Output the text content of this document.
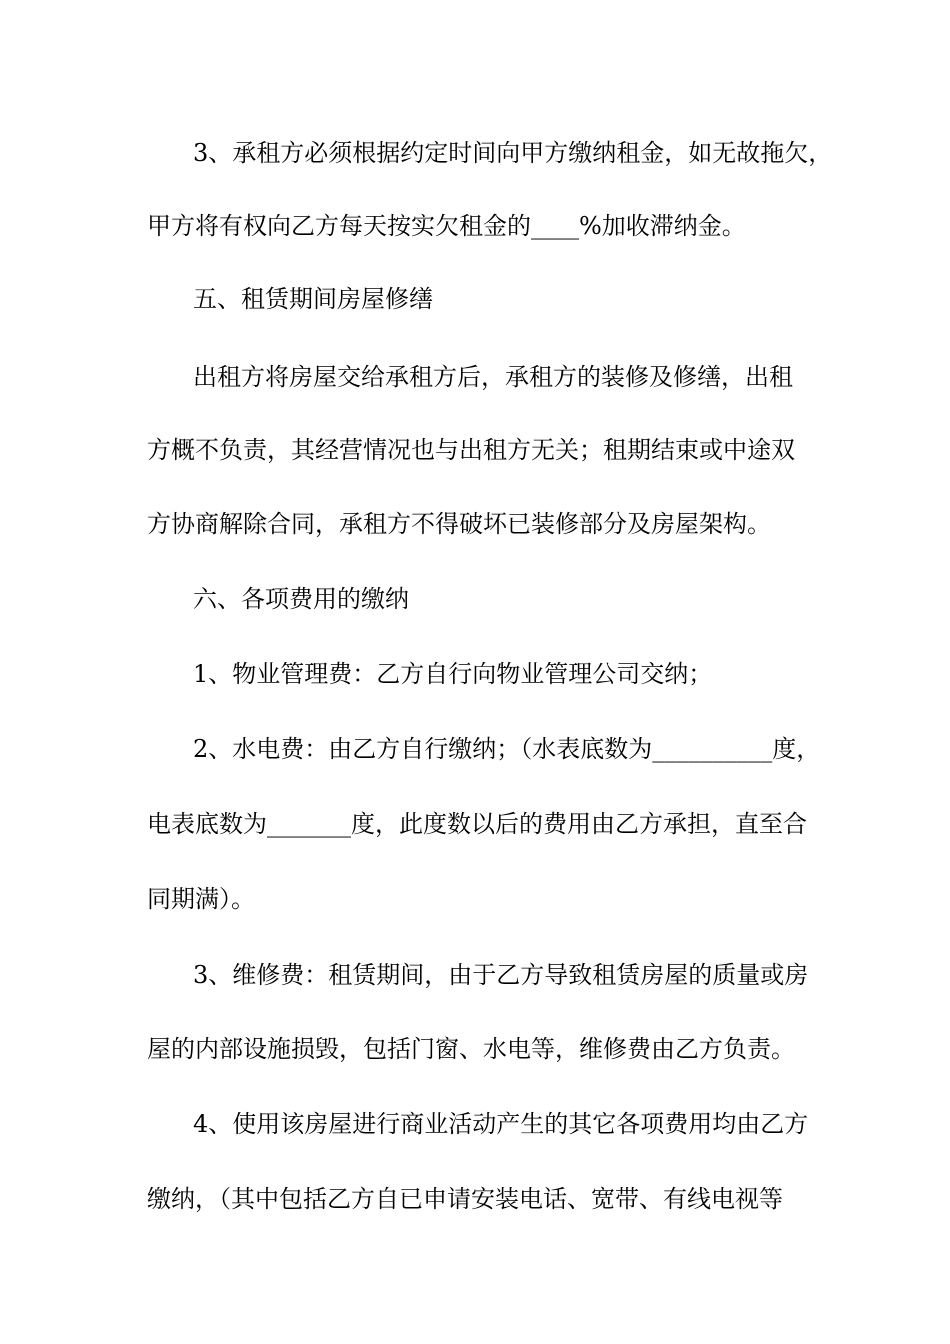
3、承租方必须根据约定时间向甲方缴纳租金，如无故拖欠，
甲方将有权向乙方每天按实欠租金的____%加收滞纳金。
五、租赁期间房屋修缮
出租方将房屋交给承租方后，承租方的装修及修缮，出租
方概不负责，其经营情况也与出租方无关；租期结束或中途双
方协商解除合同，承租方不得破坏已装修部分及房屋架构。
六、各项费用的缴纳
1、物业管理费：乙方自行向物业管理公司交纳；
2、水电费：由乙方自行缴纳；（水表底数为__________度，
电表底数为_______度，此度数以后的费用由乙方承担，直至合
同期满）。
3、维修费：租赁期间，由于乙方导致租赁房屋的质量或房
屋的内部设施损毁，包括门窗、水电等，维修费由乙方负责。
4、使用该房屋进行商业活动产生的其它各项费用均由乙方
缴纳，（其中包括乙方自已申请安装电话、宽带、有线电视等
